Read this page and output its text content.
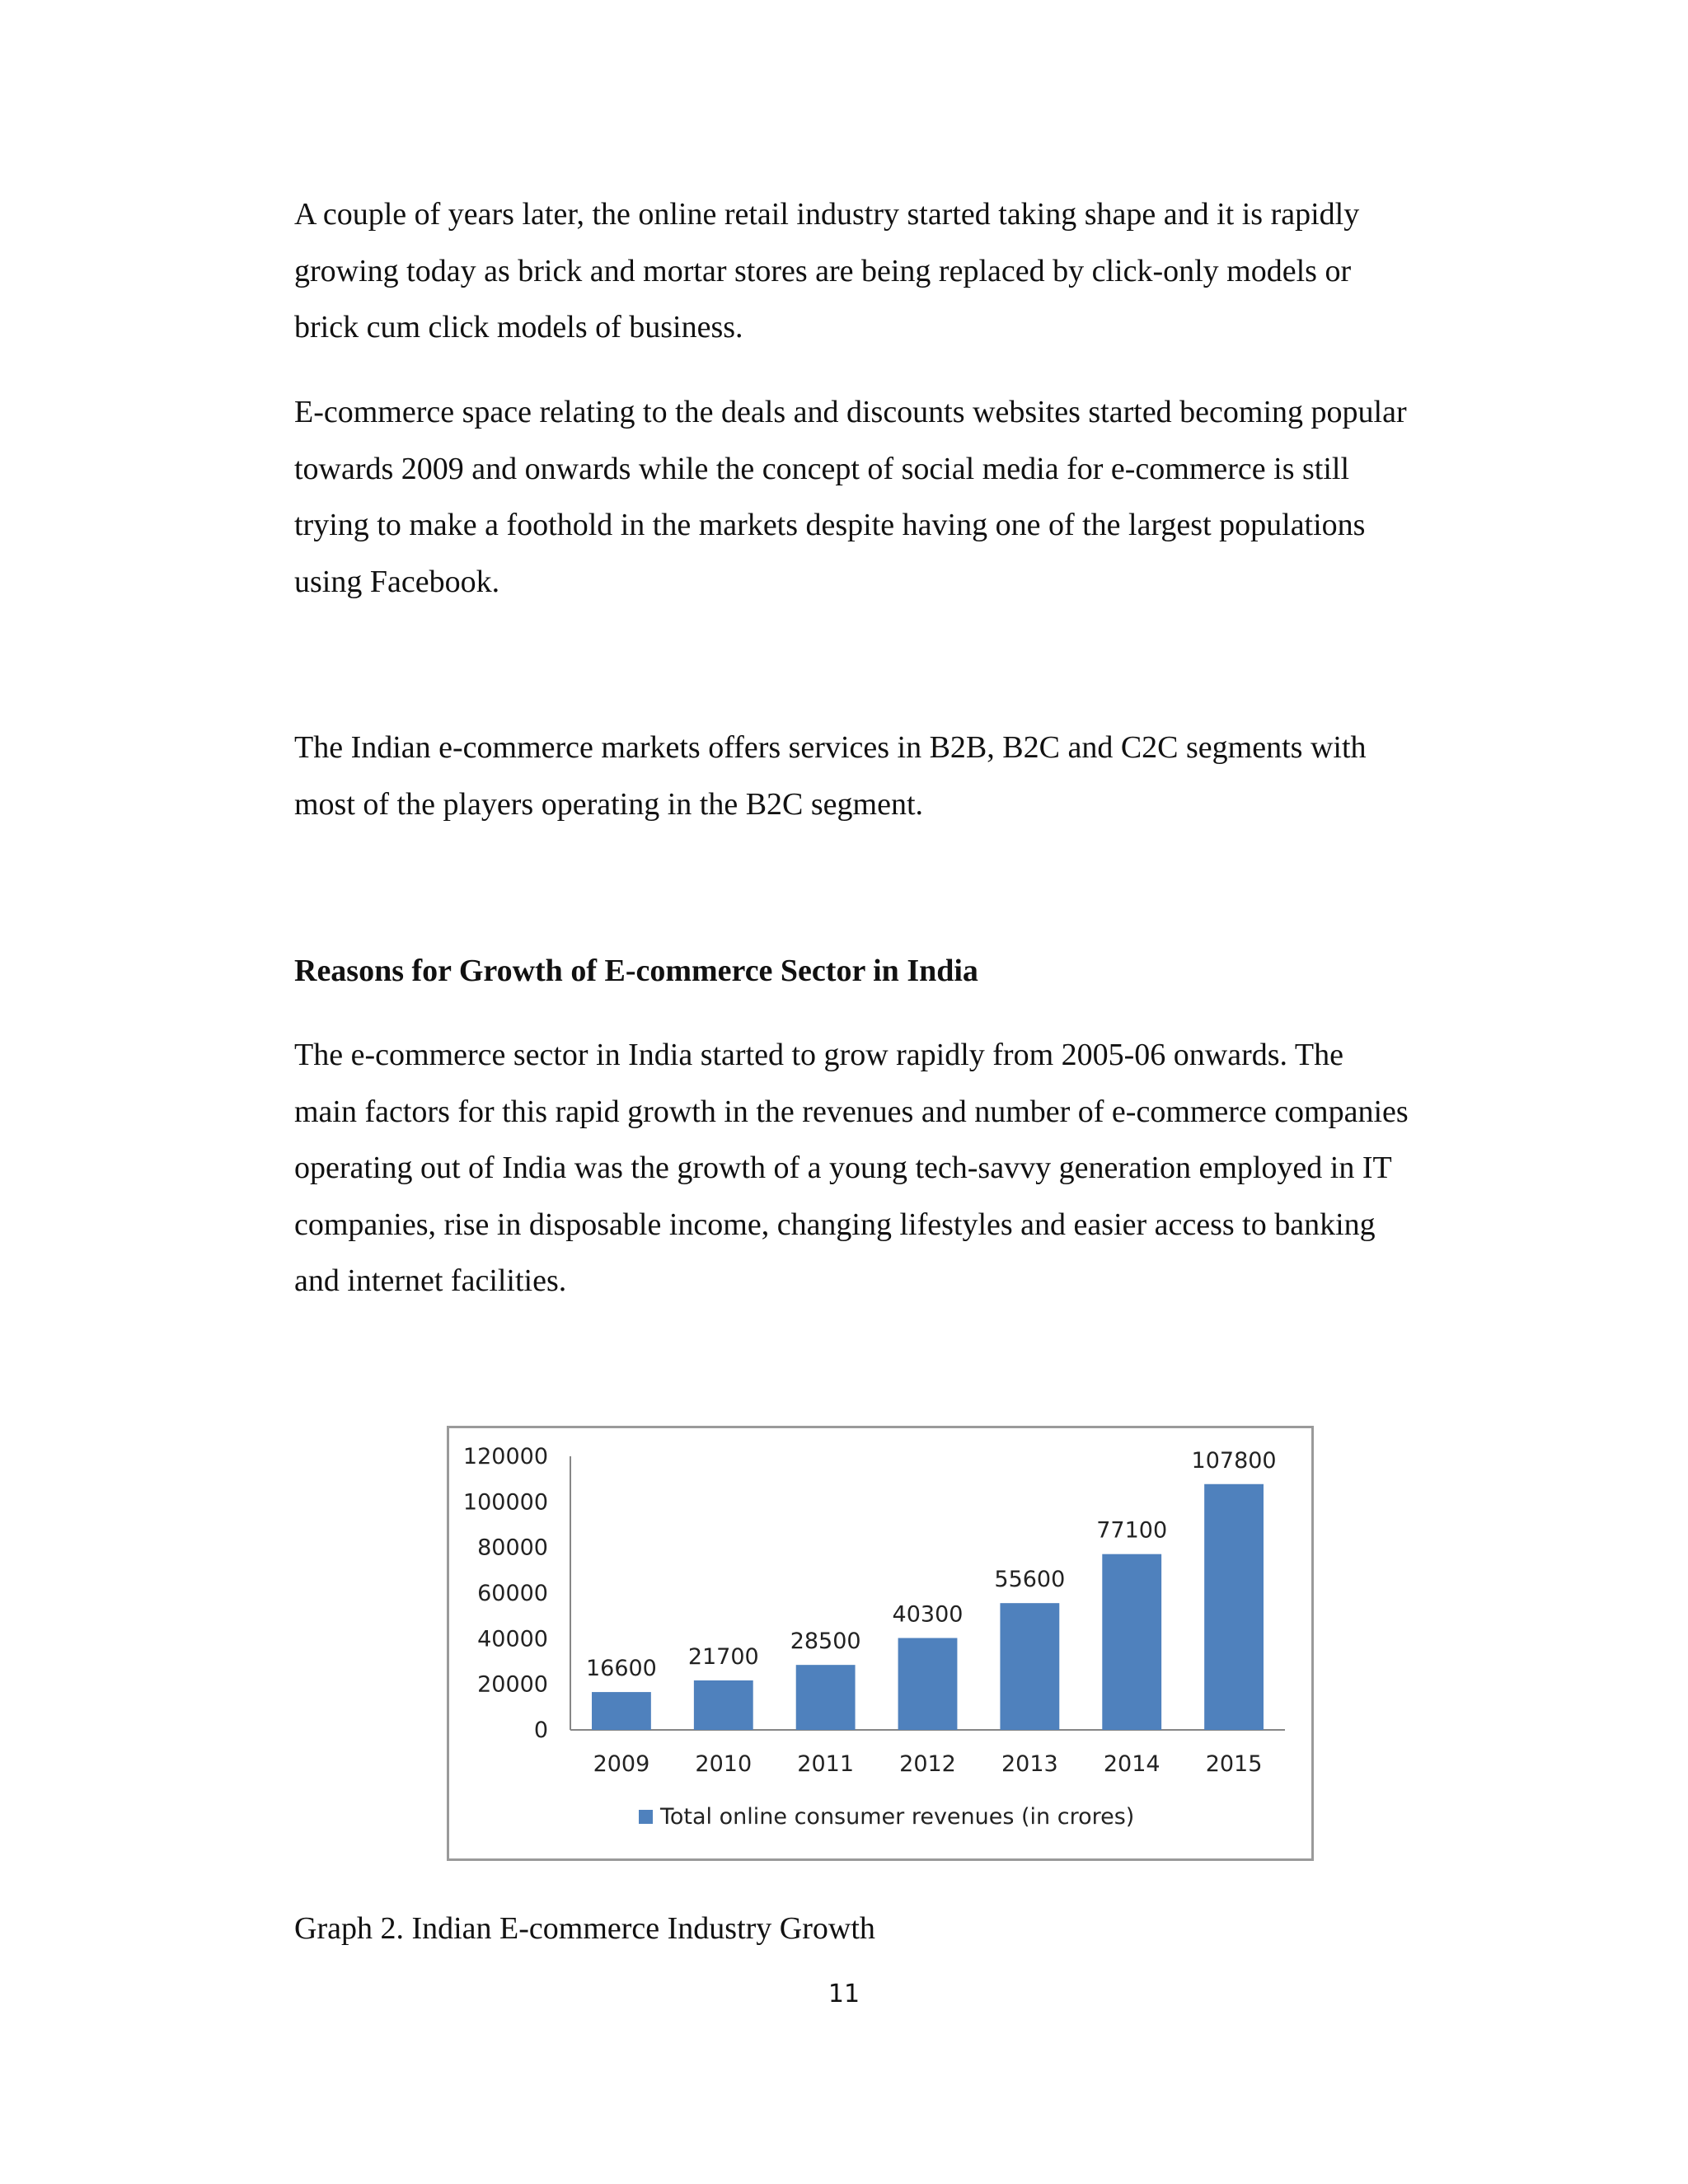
A couple of years later, the online retail industry started taking shape and it is rapidly
growing today as brick and mortar stores are being replaced by click-only models or
brick cum click models of business.
E-commerce space relating to the deals and discounts websites started becoming popular
towards 2009 and onwards while the concept of social media for e-commerce is still
trying to make a foothold in the markets despite having one of the largest populations
using Facebook.
The Indian e-commerce markets offers services in B2B, B2C and C2C segments with
most of the players operating in the B2C segment.
Reasons for Growth of E-commerce Sector in India
The e-commerce sector in India started to grow rapidly from 2005-06 onwards. The
main factors for this rapid growth in the revenues and number of e-commerce companies
operating out of India was the growth of a young tech-savvy generation employed in IT
companies, rise in disposable income, changing lifestyles and easier access to banking
and internet facilities.
0
20000
40000
60000
80000
100000
120000
16600
2009
21700
2010
28500
2011
40300
2012
55600
2013
77100
2014
107800
2015
Total online consumer revenues (in crores)
Graph 2. Indian E-commerce Industry Growth
11
